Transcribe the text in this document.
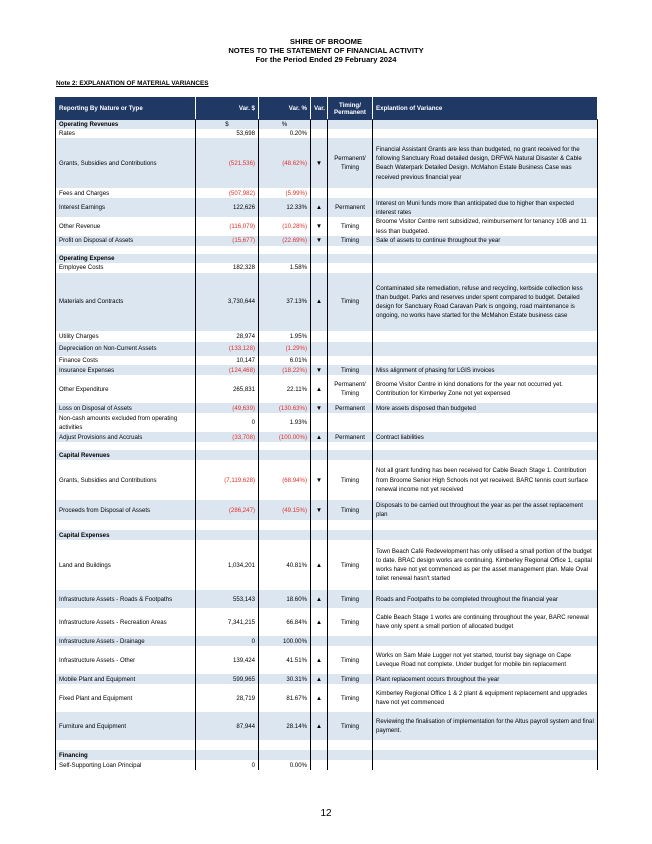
SHIRE OF BROOME
NOTES TO THE STATEMENT OF FINANCIAL ACTIVITY
For the Period Ended 29 February 2024
Note 2: EXPLANATION OF MATERIAL VARIANCES
Reporting By Nature or Type	Var. $	Var. %	Var.	Timing/ Permanent	Explantion of Variance
Operating Revenues	$	%			
Rates	53,698	0.20%			
Grants, Subsidies and Contributions	(521,536)	(48.62%)	▼	Permanent/ Timing	Financial Assistant Grants are less than budgeted, no grant received for the following Sanctuary Road detailed design, DRFWA Natural Disaster & Cable Beach Waterpark Detailed Design. McMahon Estate Business Case was received previous financial year
Fees and Charges	(507,982)	(5.99%)			
Interest Earnings	122,626	12.33%	▲	Permanent	Interest on Muni funds more than anticipated due to higher than expected interest rates
Other Revenue	(116,079)	(10.28%)	▼	Timing	Broome Visitor Centre rent subsidized, reimbursement for tenancy 10B and 11 less than budgeted.
Profit on Disposal of Assets	(15,677)	(22.69%)	▼	Timing	Sale of assets to continue throughout the year

Operating Expense					
Employee Costs	182,328	1.58%			
Materials and Contracts	3,730,644	37.13%	▲	Timing	Contaminated site remediation, refuse and recycling, kerbside collection less than budget. Parks and reserves under spent compared to budget. Detailed design for Sanctuary Road Caravan Park is ongoing, road maintenance is ongoing, no works have started for the McMahon Estate business case
Utility Charges	28,974	1.95%			
Depreciation on Non-Current Assets	(133,128)	(1.29%)			
Finance Costs	10,147	6.01%			
Insurance Expenses	(124,468)	(18.22%)	▼	Timing	Miss alignment of phasing for LGIS invoices
Other Expenditure	265,831	22.11%	▲	Permanent/ Timing	Broome Visitor Centre in kind donations for the year not occurred yet. Contribution for Kimberley Zone not yet expensed
Loss on Disposal of Assets	(49,639)	(130.63%)	▼	Permanent	More assets disposed than budgeted
Non-cash amounts excluded from operating activities	0	1.93%			
Adjust Provisions and Accruals	(33,708)	(100.00%)	▲	Permanent	Contract liabilities

Capital Revenues					
Grants, Subsidies and Contributions	(7,119,628)	(68.94%)	▼	Timing	Not all grant funding has been received for Cable Beach Stage 1. Contribution from Broome Senior High Schools not yet received. BARC tennis court surface renewal income not yet received
Proceeds from Disposal of Assets	(286,247)	(49.15%)	▼	Timing	Disposals to be carried out throughout the year as per the asset replacement plan

Capital Expenses					
Land and Buildings	1,034,201	40.81%	▲	Timing	Town Beach Café Redevelopment has only utilised a small portion of the budget to date. BRAC design works are continuing. Kimberley Regional Office 1, capital works have not yet commenced as per the asset management plan. Male Oval toilet renewal hasn't started
Infrastructure Assets - Roads & Footpaths	553,143	18.60%	▲	Timing	Roads and Footpaths to be completed throughout the financial year
Infrastructure Assets - Recreation Areas	7,341,215	66.84%	▲	Timing	Cable Beach Stage 1 works are continuing throughout the year, BARC renewal have only spent a small portion of allocated budget
Infrastructure Assets - Drainage	0	100.00%			
Infrastructure Assets - Other	139,424	41.51%	▲	Timing	Works on Sam Male Lugger not yet started, tourist bay signage on Cape Leveque Road not complete. Under budget for mobile bin replacement
Mobile Plant and Equipment	599,965	30.31%	▲	Timing	Plant replacement occurs throughout the year
Fixed Plant and Equipment	28,719	81.67%	▲	Timing	Kimberley Regional Office 1 & 2 plant & equipment replacement and upgrades have not yet commenced
Furniture and Equipment	87,944	28.14%	▲	Timing	Reviewing the finalisation of implementation for the Altus payroll system and final payment.

Financing					
Self-Supporting Loan Principal	0	0.00%			
12
